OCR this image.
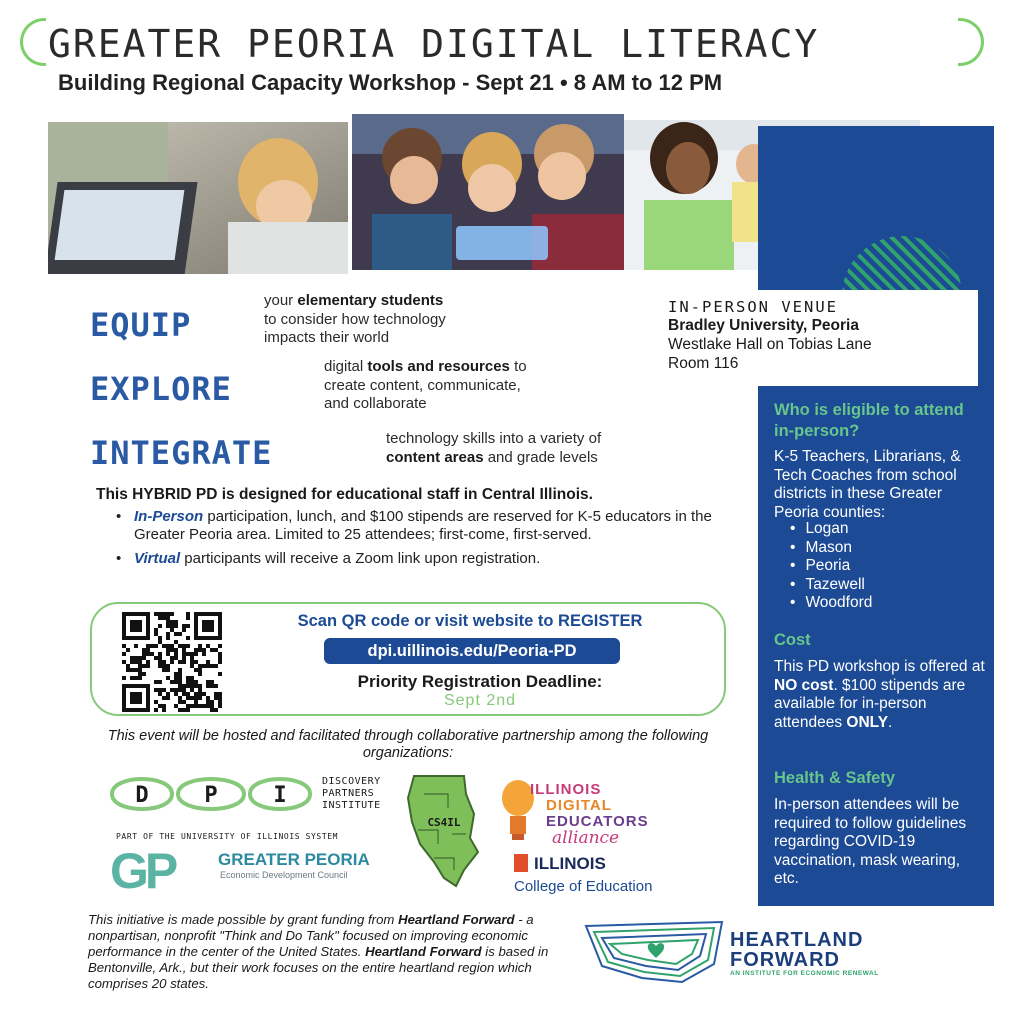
GREATER PEORIA DIGITAL LITERACY
Building Regional Capacity Workshop - Sept 21 • 8 AM to 12 PM
Who is eligible to attend in-person?

K-5 Teachers, Librarians, & Tech Coaches from school districts in these Greater Peoria counties:

• Logan
• Mason
• Peoria
• Tazewell
• Woodford
Cost

This PD workshop is offered at NO cost. $100 stipends are available for in-person attendees ONLY.

Health & Safety

In-person attendees will be required to follow guidelines regarding COVID-19 vaccination, mask wearing, etc.

IN-PERSON VENUE
Bradley University, Peoria
Westlake Hall on Tobias Lane
Room 116
EQUIP
your elementary students
to consider how technology
impacts their world
EXPLORE
digital tools and resources to
create content, communicate,
and collaborate
INTEGRATE	technology skills into a variety of
content areas and grade levels
This HYBRID PD is designed for educational staff in Central Illinois.
• In-Person participation, lunch, and $100 stipends are reserved for K-5 educators in the Greater Peoria area. Limited to 25 attendees; first-come, first-served.
• Virtual participants will receive a Zoom link upon registration.
Scan QR code or visit website to REGISTER
dpi.uillinois.edu/Peoria-PD
Priority Registration Deadline:
Sept 2nd
This event will be hosted and facilitated through collaborative partnership among the following organizations:
D	P	I
DISCOVERY
PARTNERS
INSTITUTE
PART OF THE UNIVERSITY OF ILLINOIS SYSTEM
GP	GREATER PEORIA
Economic Development Council
CS4IL
ILLINOIS
DIGITAL
EDUCATORS
alliance
ILLINOIS
College of Education
This initiative is made possible by grant funding from Heartland Forward - a nonpartisan, nonprofit "Think and Do Tank" focused on improving economic performance in the center of the United States. Heartland Forward is based in Bentonville, Ark., but their work focuses on the entire heartland region which comprises 20 states.
HEARTLAND
FORWARD
AN INSTITUTE FOR ECONOMIC RENEWAL
